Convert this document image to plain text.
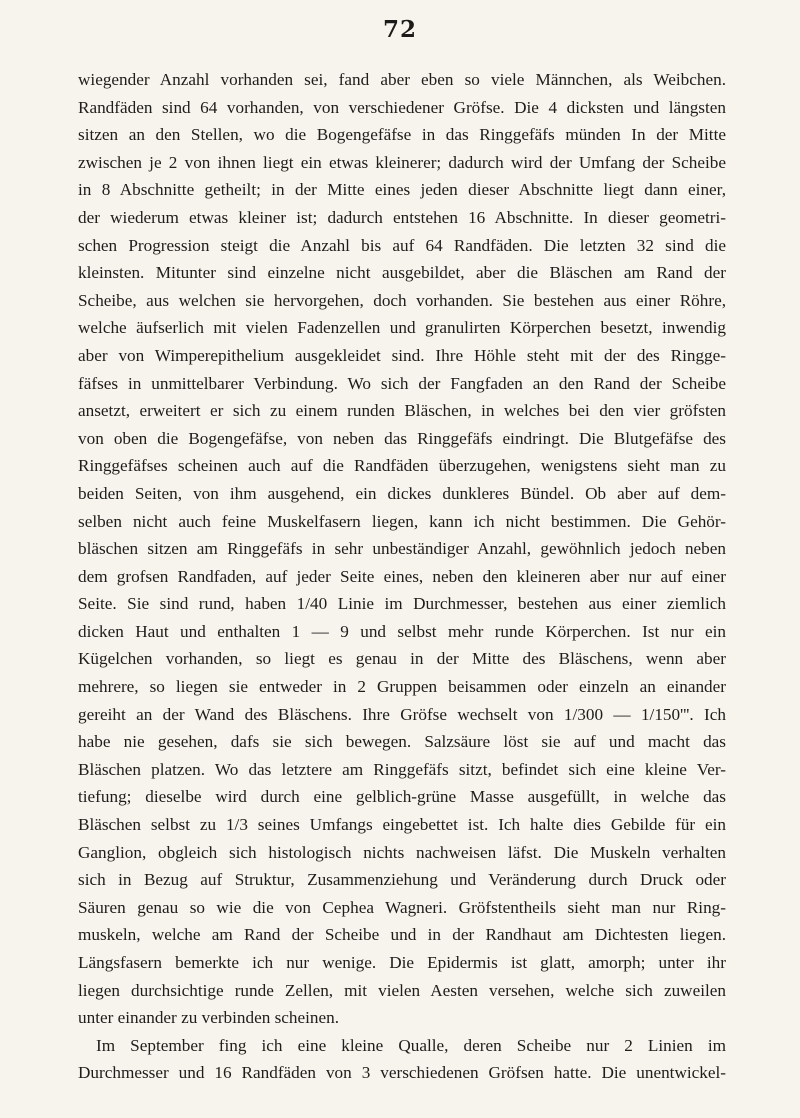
72
wiegender Anzahl vorhanden sei, fand aber eben so viele Männchen, als Weibchen.
Randfäden sind 64 vorhanden, von verschiedener Gröfse. Die 4 dicksten und längsten
sitzen an den Stellen, wo die Bogengefäfse in das Ringgefäfs münden In der Mitte
zwischen je 2 von ihnen liegt ein etwas kleinerer; dadurch wird der Umfang der Scheibe
in 8 Abschnitte getheilt; in der Mitte eines jeden dieser Abschnitte liegt dann einer,
der wiederum etwas kleiner ist; dadurch entstehen 16 Abschnitte. In dieser geometri-
schen Progression steigt die Anzahl bis auf 64 Randfäden. Die letzten 32 sind die
kleinsten. Mitunter sind einzelne nicht ausgebildet, aber die Bläschen am Rand der
Scheibe, aus welchen sie hervorgehen, doch vorhanden. Sie bestehen aus einer Röhre,
welche äufserlich mit vielen Fadenzellen und granulirten Körperchen besetzt, inwendig
aber von Wimperepithelium ausgekleidet sind. Ihre Höhle steht mit der des Ringge-
fäfses in unmittelbarer Verbindung. Wo sich der Fangfaden an den Rand der Scheibe
ansetzt, erweitert er sich zu einem runden Bläschen, in welches bei den vier gröfsten
von oben die Bogengefäfse, von neben das Ringgefäfs eindringt. Die Blutgefäfse des
Ringgefäfses scheinen auch auf die Randfäden überzugehen, wenigstens sieht man zu
beiden Seiten, von ihm ausgehend, ein dickes dunkleres Bündel. Ob aber auf dem-
selben nicht auch feine Muskelfasern liegen, kann ich nicht bestimmen. Die Gehör-
bläschen sitzen am Ringgefäfs in sehr unbeständiger Anzahl, gewöhnlich jedoch neben
dem grofsen Randfaden, auf jeder Seite eines, neben den kleineren aber nur auf einer
Seite. Sie sind rund, haben 1/40 Linie im Durchmesser, bestehen aus einer ziemlich
dicken Haut und enthalten 1 — 9 und selbst mehr runde Körperchen. Ist nur ein
Kügelchen vorhanden, so liegt es genau in der Mitte des Bläschens, wenn aber
mehrere, so liegen sie entweder in 2 Gruppen beisammen oder einzeln an einander
gereiht an der Wand des Bläschens. Ihre Gröfse wechselt von 1/300 — 1/150'''. Ich
habe nie gesehen, dafs sie sich bewegen. Salzsäure löst sie auf und macht das
Bläschen platzen. Wo das letztere am Ringgefäfs sitzt, befindet sich eine kleine Ver-
tiefung; dieselbe wird durch eine gelblich-grüne Masse ausgefüllt, in welche das
Bläschen selbst zu 1/3 seines Umfangs eingebettet ist. Ich halte dies Gebilde für ein
Ganglion, obgleich sich histologisch nichts nachweisen läfst. Die Muskeln verhalten
sich in Bezug auf Struktur, Zusammenziehung und Veränderung durch Druck oder
Säuren genau so wie die von Cephea Wagneri. Gröfstentheils sieht man nur Ring-
muskeln, welche am Rand der Scheibe und in der Randhaut am Dichtesten liegen.
Längsfasern bemerkte ich nur wenige. Die Epidermis ist glatt, amorph; unter ihr
liegen durchsichtige runde Zellen, mit vielen Aesten versehen, welche sich zuweilen
unter einander zu verbinden scheinen.
Im September fing ich eine kleine Qualle, deren Scheibe nur 2 Linien im
Durchmesser und 16 Randfäden von 3 verschiedenen Gröfsen hatte. Die unentwickel-
